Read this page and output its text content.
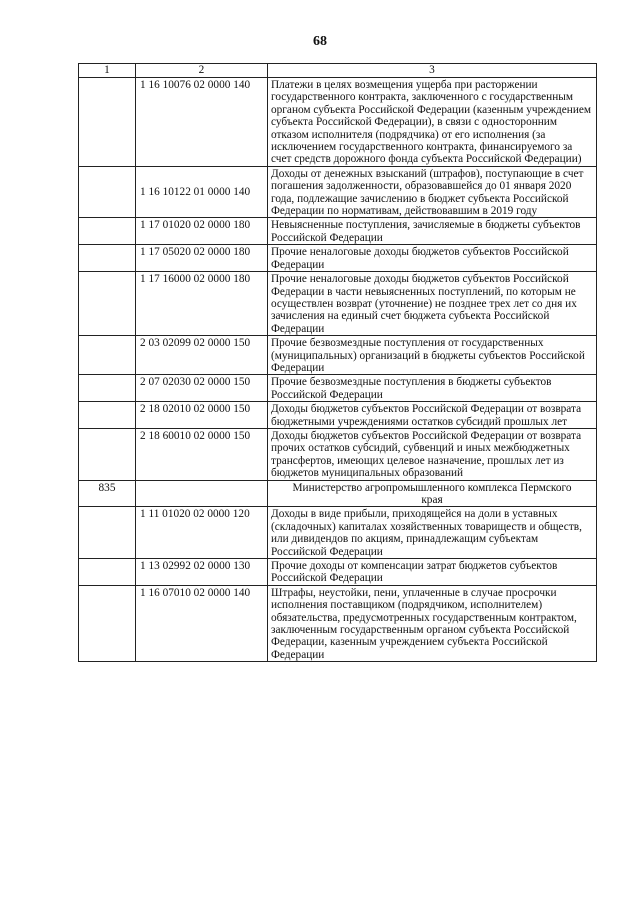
68
1	2	3
	1 16 10076 02 0000 140	Платежи в целях возмещения ущерба при расторжении государственного контракта, заключенного с государственным органом субъекта Российской Федерации (казенным учреждением субъекта Российской Федерации), в связи с односторонним отказом исполнителя (подрядчика) от его исполнения (за исключением государственного контракта, финансируемого за счет средств дорожного фонда субъекта Российской Федерации)
	1 16 10122 01 0000 140	Доходы от денежных взысканий (штрафов), поступающие в счет погашения задолженности, образовавшейся до 01 января 2020 года, подлежащие зачислению в бюджет субъекта Российской Федерации по нормативам, действовавшим в 2019 году
	1 17 01020 02 0000 180	Невыясненные поступления, зачисляемые в бюджеты субъектов Российской Федерации
	1 17 05020 02 0000 180	Прочие неналоговые доходы бюджетов субъектов Российской Федерации
	1 17 16000 02 0000 180	Прочие неналоговые доходы бюджетов субъектов Российской Федерации в части невыясненных поступлений, по которым не осуществлен возврат (уточнение) не позднее трех лет со дня их зачисления на единый счет бюджета субъекта Российской Федерации
	2 03 02099 02 0000 150	Прочие безвозмездные поступления от государственных (муниципальных) организаций в бюджеты субъектов Российской Федерации
	2 07 02030 02 0000 150	Прочие безвозмездные поступления в бюджеты субъектов Российской Федерации
	2 18 02010 02 0000 150	Доходы бюджетов субъектов Российской Федерации от возврата бюджетными учреждениями остатков субсидий прошлых лет
	2 18 60010 02 0000 150	Доходы бюджетов субъектов Российской Федерации от возврата прочих остатков субсидий, субвенций и иных межбюджетных трансфертов, имеющих целевое назначение, прошлых лет из бюджетов муниципальных образований
835		Министерство агропромышленного комплекса Пермского края
	1 11 01020 02 0000 120	Доходы в виде прибыли, приходящейся на доли в уставных (складочных) капиталах хозяйственных товариществ и обществ, или дивидендов по акциям, принадлежащим субъектам Российской Федерации
	1 13 02992 02 0000 130	Прочие доходы от компенсации затрат бюджетов субъектов Российской Федерации
	1 16 07010 02 0000 140	Штрафы, неустойки, пени, уплаченные в случае просрочки исполнения поставщиком (подрядчиком, исполнителем) обязательства, предусмотренных государственным контрактом, заключенным государственным органом субъекта Российской Федерации, казенным учреждением субъекта Российской Федерации
